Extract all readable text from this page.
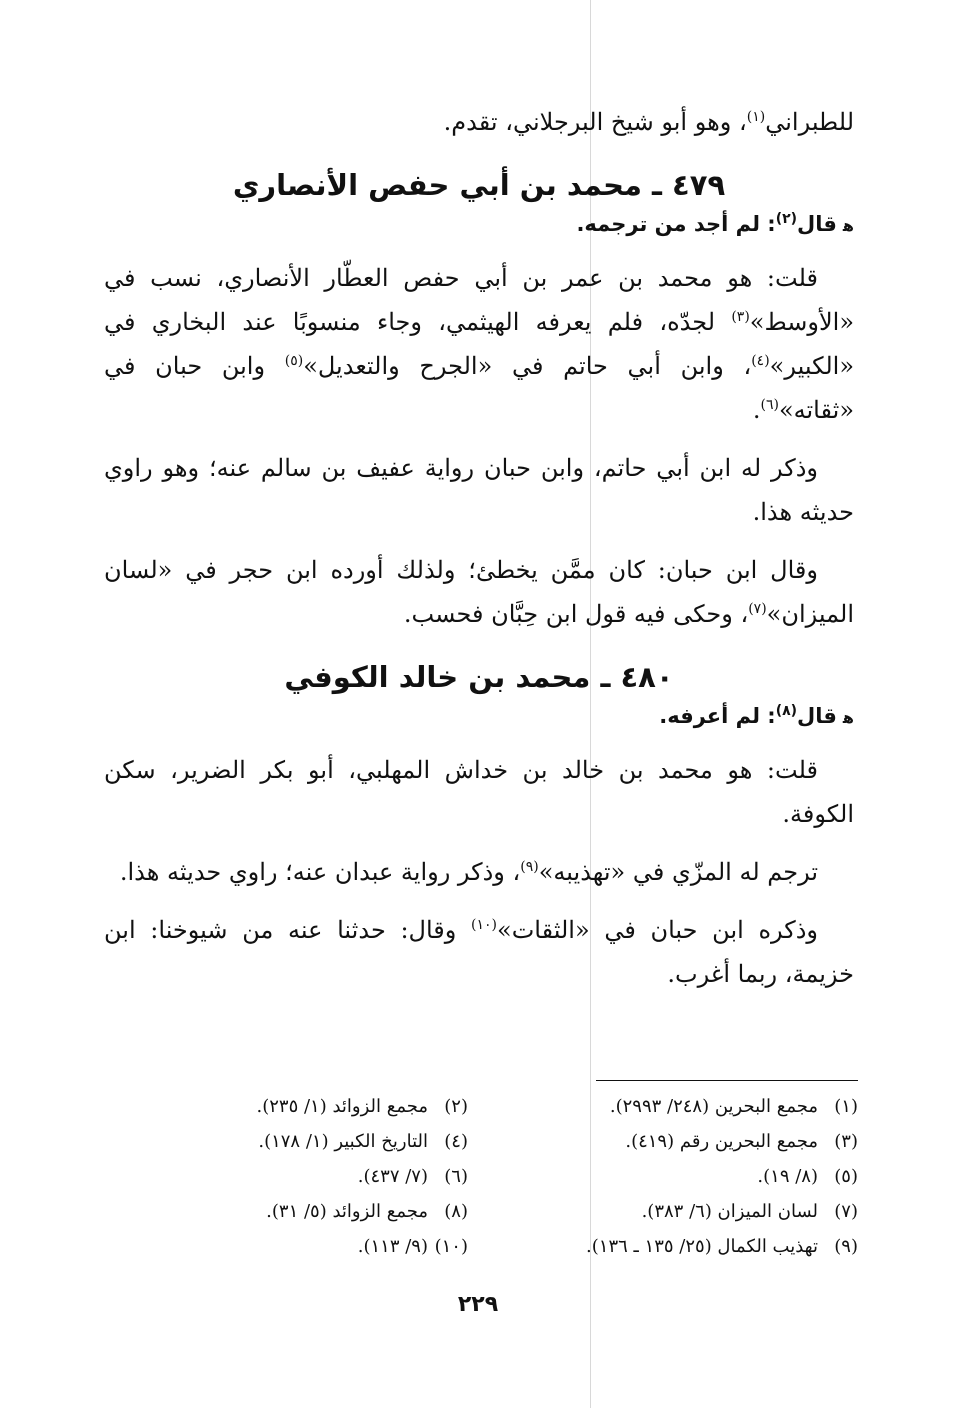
للطبراني$^{(١)}$، وهو أبو شيخ البرجلاني، تقدم.

٤٧٩ ـ محمد بن أبي حفص الأنصاري

ﻫقال$^{(٢)}$: لم أجد من ترجمه.

قلت: هو محمد بن عمر بن أبي حفص العطّار الأنصاري، نسب في «الأوسط»$^{(٣)}$ لجدّه، فلم يعرفه الهيثمي، وجاء منسوبًا عند البخاري في «الكبير»$^{(٤)}$، وابن أبي حاتم في «الجرح والتعديل»$^{(٥)}$ وابن حبان في «ثقاته»$^{(٦)}$.

وذكر له ابن أبي حاتم، وابن حبان رواية عفيف بن سالم عنه؛ وهو راوي حديثه هذا.

وقال ابن حبان: كان ممَّن يخطئ؛ ولذلك أورده ابن حجر في «لسان الميزان»$^{(٧)}$، وحكى فيه قول ابن حِبَّان فحسب.

٤٨٠ ـ محمد بن خالد الكوفي

ﻫقال$^{(٨)}$: لم أعرفه.

قلت: هو محمد بن خالد بن خداش المهلبي، أبو بكر الضرير، سكن الكوفة.

ترجم له المزّي في «تهذيبه»$^{(٩)}$، وذكر رواية عبدان عنه؛ راوي حديثه هذا.

وذكره ابن حبان في «الثقات»$^{(١٠)}$ وقال: حدثنا عنه من شيوخنا: ابن خزيمة، ربما أغرب.

(١)مجمع البحرين (٢٤٨/ ٢٩٩٣).
(٢)مجمع الزوائد (١/ ٢٣٥).
(٣)مجمع البحرين رقم (٤١٩).
(٤)التاريخ الكبير (١/ ١٧٨).
(٥)(٨/ ١٩).
(٦)(٧/ ٤٣٧).
(٧)لسان الميزان (٦/ ٣٨٣).
(٨)مجمع الزوائد (٥/ ٣١).
(٩)تهذيب الكمال (٢٥/ ١٣٥ ـ ١٣٦).
(١٠)(٩/ ١١٣).
٢٢٩
